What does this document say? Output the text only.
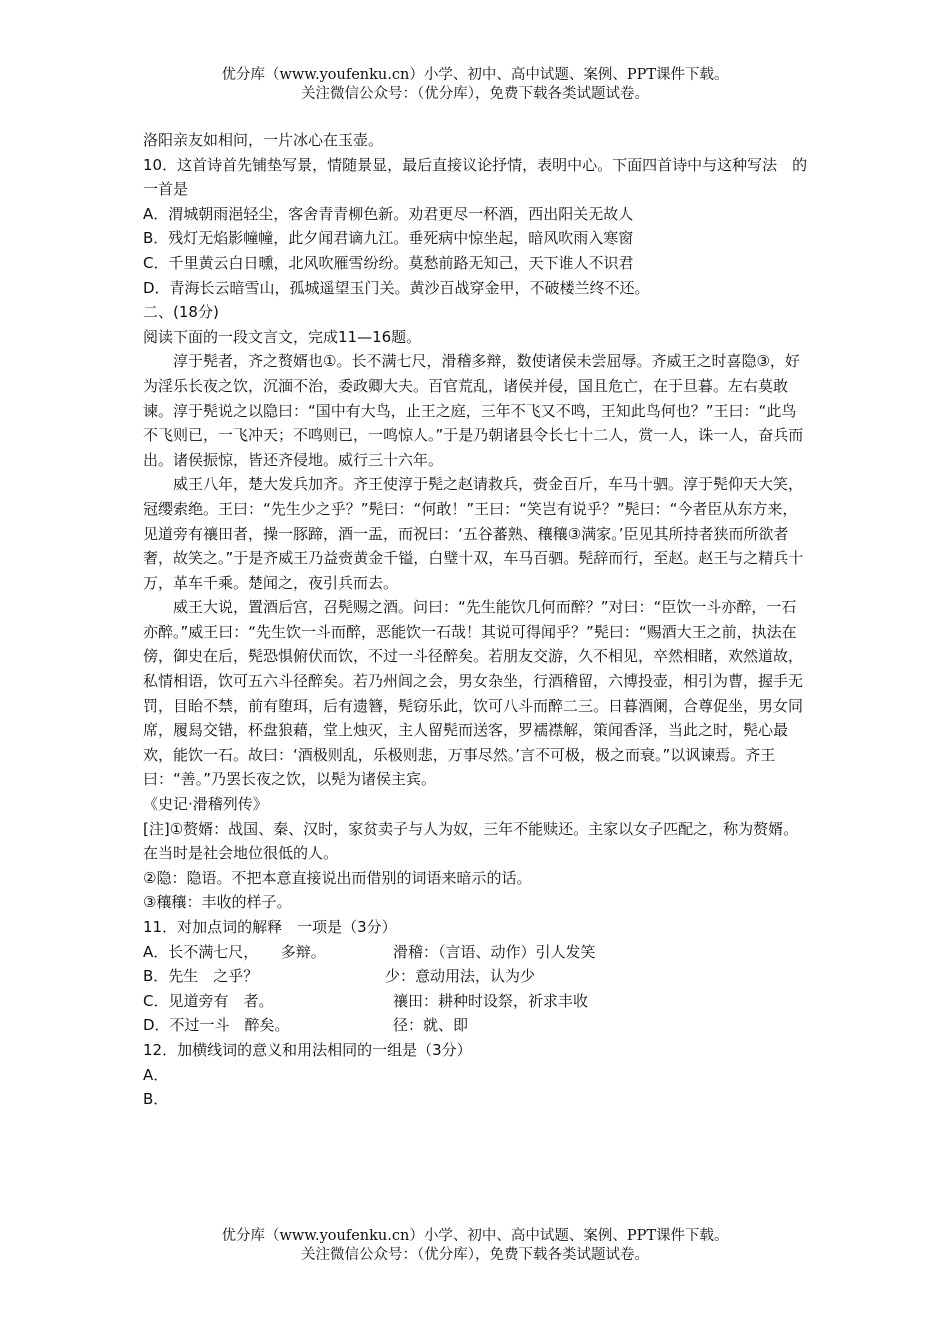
优分库（www.youfenku.cn）小学、初中、高中试题、案例、PPT课件下载。
关注微信公众号：（优分库），免费下载各类试题试卷。

洛阳亲友如相问，一片冰心在玉壶。

10．这首诗首先铺垫写景，情随景显，最后直接议论抒情，表明中心。下面四首诗中与这种写法　的一首是

A．渭城朝雨浥轻尘，客舍青青柳色新。劝君更尽一杯酒，西出阳关无故人

B．残灯无焰影幢幢，此夕闻君谪九江。垂死病中惊坐起，暗风吹雨入寒窗

C．千里黄云白日曛，北风吹雁雪纷纷。莫愁前路无知己，天下谁人不识君

D．青海长云暗雪山，孤城遥望玉门关。黄沙百战穿金甲，不破楼兰终不还。

二、(18分)

阅读下面的一段文言文，完成11—16题。

淳于髡者，齐之赘婿也①。长不满七尺，滑稽多辩，数使诸侯未尝屈辱。齐威王之时喜隐③，好为淫乐长夜之饮，沉湎不治，委政卿大夫。百官荒乱，诸侯并侵，国且危亡，在于旦暮。左右莫敢谏。淳于髡说之以隐曰：“国中有大鸟，止王之庭，三年不飞又不鸣，王知此鸟何也？”王曰：“此鸟不飞则已，一飞冲天；不鸣则已，一鸣惊人。”于是乃朝诸县令长七十二人，赏一人，诛一人，奋兵而出。诸侯振惊，皆还齐侵地。威行三十六年。

威王八年，楚大发兵加齐。齐王使淳于髡之赵请救兵，赍金百斤，车马十驷。淳于髡仰天大笑，冠缨索绝。王曰：“先生少之乎？”髡曰：“何敢！”王曰：“笑岂有说乎？”髡曰：“今者臣从东方来，见道旁有禳田者，操一豚蹄，酒一盂，而祝曰：‘五谷蕃熟、穰穰③满家。’臣见其所持者狭而所欲者奢，故笑之。”于是齐威王乃益赍黄金千镒，白璧十双，车马百驷。髡辞而行，至赵。赵王与之精兵十万，革车千乘。楚闻之，夜引兵而去。

威王大说，置酒后宫，召髡赐之酒。问曰：“先生能饮几何而醉？”对曰：“臣饮一斗亦醉，一石亦醉。”威王曰：“先生饮一斗而醉，恶能饮一石哉！其说可得闻乎？”髡曰：“赐酒大王之前，执法在傍，御史在后，髡恐惧俯伏而饮，不过一斗径醉矣。若朋友交游，久不相见，卒然相睹，欢然道故，私情相语，饮可五六斗径醉矣。若乃州闾之会，男女杂坐，行酒稽留，六博投壶，相引为曹，握手无罚，目眙不禁，前有堕珥，后有遗簪，髡窃乐此，饮可八斗而醉二三。日暮酒阑，合尊促坐，男女同席，履舄交错，杯盘狼藉，堂上烛灭，主人留髡而送客，罗襦襟解，策闻香泽，当此之时，髡心最欢，能饮一石。故曰：‘酒极则乱，乐极则悲，万事尽然。’言不可极，极之而衰。”以讽谏焉。齐王曰：“善。”乃罢长夜之饮，以髡为诸侯主宾。

《史记·滑稽列传》

[注]①赘婿：战国、秦、汉时，家贫卖子与人为奴，三年不能赎还。主家以女子匹配之，称为赘婿。在当时是社会地位很低的人。

②隐：隐语。不把本意直接说出而借别的词语来暗示的话。

③穰穰：丰收的样子。

11．对加点词的解释　一项是（3分）

A．长不满七尺，　　多辩。	滑稽：（言语、动作）引人发笑

B．先生　之乎？	少：意动用法，认为少

C．见道旁有　者。	禳田：耕种时设祭，祈求丰收

D．不过一斗　醉矣。	径：就、即

12．加横线词的意义和用法相同的一组是（3分）

A．

B．

优分库（www.youfenku.cn）小学、初中、高中试题、案例、PPT课件下载。
关注微信公众号：（优分库），免费下载各类试题试卷。
